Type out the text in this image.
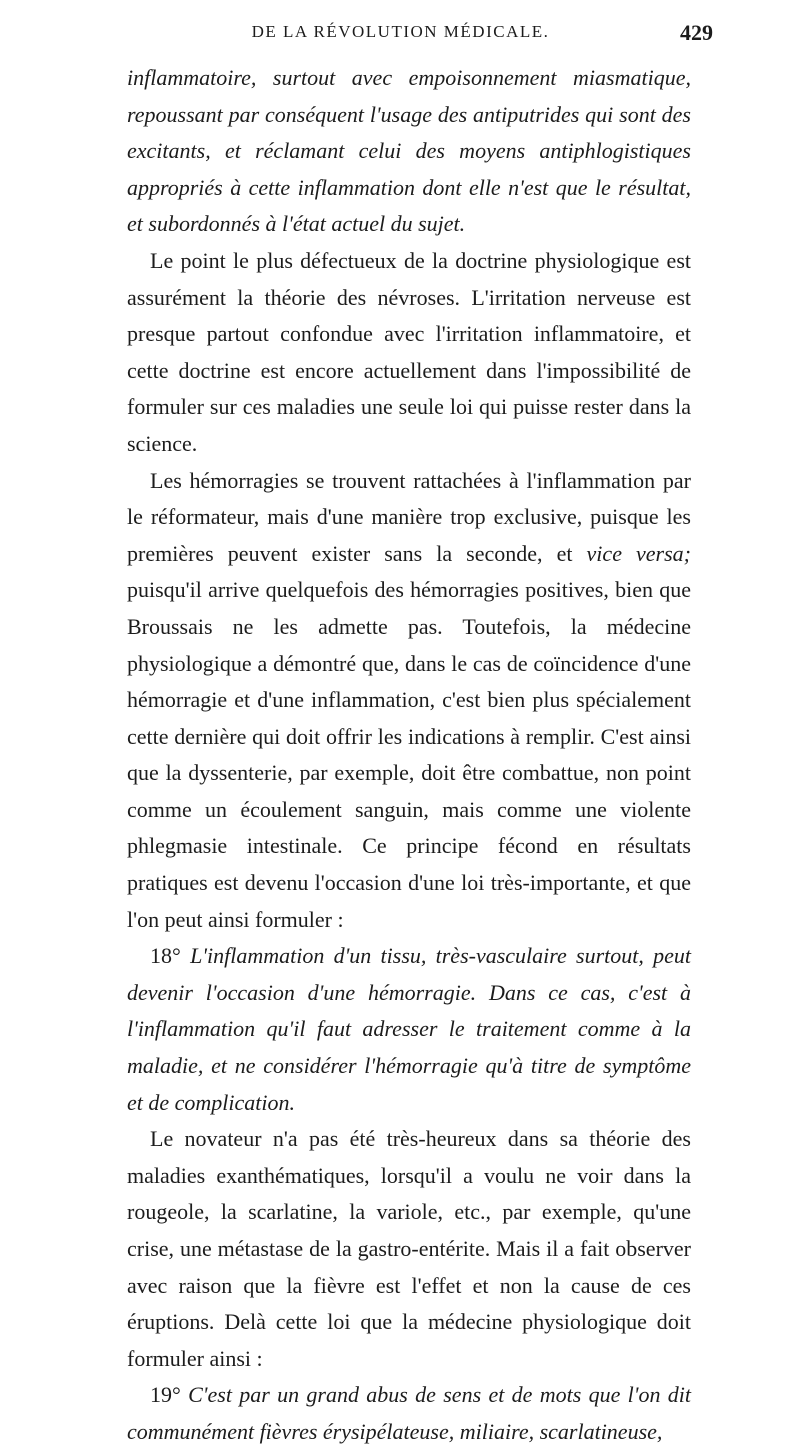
DE LA RÉVOLUTION MÉDICALE.	429

inflammatoire, surtout avec empoisonnement miasmatique, repoussant par conséquent l'usage des antiputrides qui sont des excitants, et réclamant celui des moyens antiphlogistiques appropriés à cette inflammation dont elle n'est que le résultat, et subordonnés à l'état actuel du sujet.

Le point le plus défectueux de la doctrine physiologique est assurément la théorie des névroses. L'irritation nerveuse est presque partout confondue avec l'irritation inflammatoire, et cette doctrine est encore actuellement dans l'impossibilité de formuler sur ces maladies une seule loi qui puisse rester dans la science.

Les hémorragies se trouvent rattachées à l'inflammation par le réformateur, mais d'une manière trop exclusive, puisque les premières peuvent exister sans la seconde, et vice versa; puisqu'il arrive quelquefois des hémorragies positives, bien que Broussais ne les admette pas. Toutefois, la médecine physiologique a démontré que, dans le cas de coïncidence d'une hémorragie et d'une inflammation, c'est bien plus spécialement cette dernière qui doit offrir les indications à remplir. C'est ainsi que la dyssenterie, par exemple, doit être combattue, non point comme un écoulement sanguin, mais comme une violente phlegmasie intestinale. Ce principe fécond en résultats pratiques est devenu l'occasion d'une loi très-importante, et que l'on peut ainsi formuler :

18° L'inflammation d'un tissu, très-vasculaire surtout, peut devenir l'occasion d'une hémorragie. Dans ce cas, c'est à l'inflammation qu'il faut adresser le traitement comme à la maladie, et ne considérer l'hémorragie qu'à titre de symptôme et de complication.

Le novateur n'a pas été très-heureux dans sa théorie des maladies exanthématiques, lorsqu'il a voulu ne voir dans la rougeole, la scarlatine, la variole, etc., par exemple, qu'une crise, une métastase de la gastro-entérite. Mais il a fait observer avec raison que la fièvre est l'effet et non la cause de ces éruptions. Delà cette loi que la médecine physiologique doit formuler ainsi :

19° C'est par un grand abus de sens et de mots que l'on dit communément fièvres érysipélateuse, miliaire, scarlatineuse,
